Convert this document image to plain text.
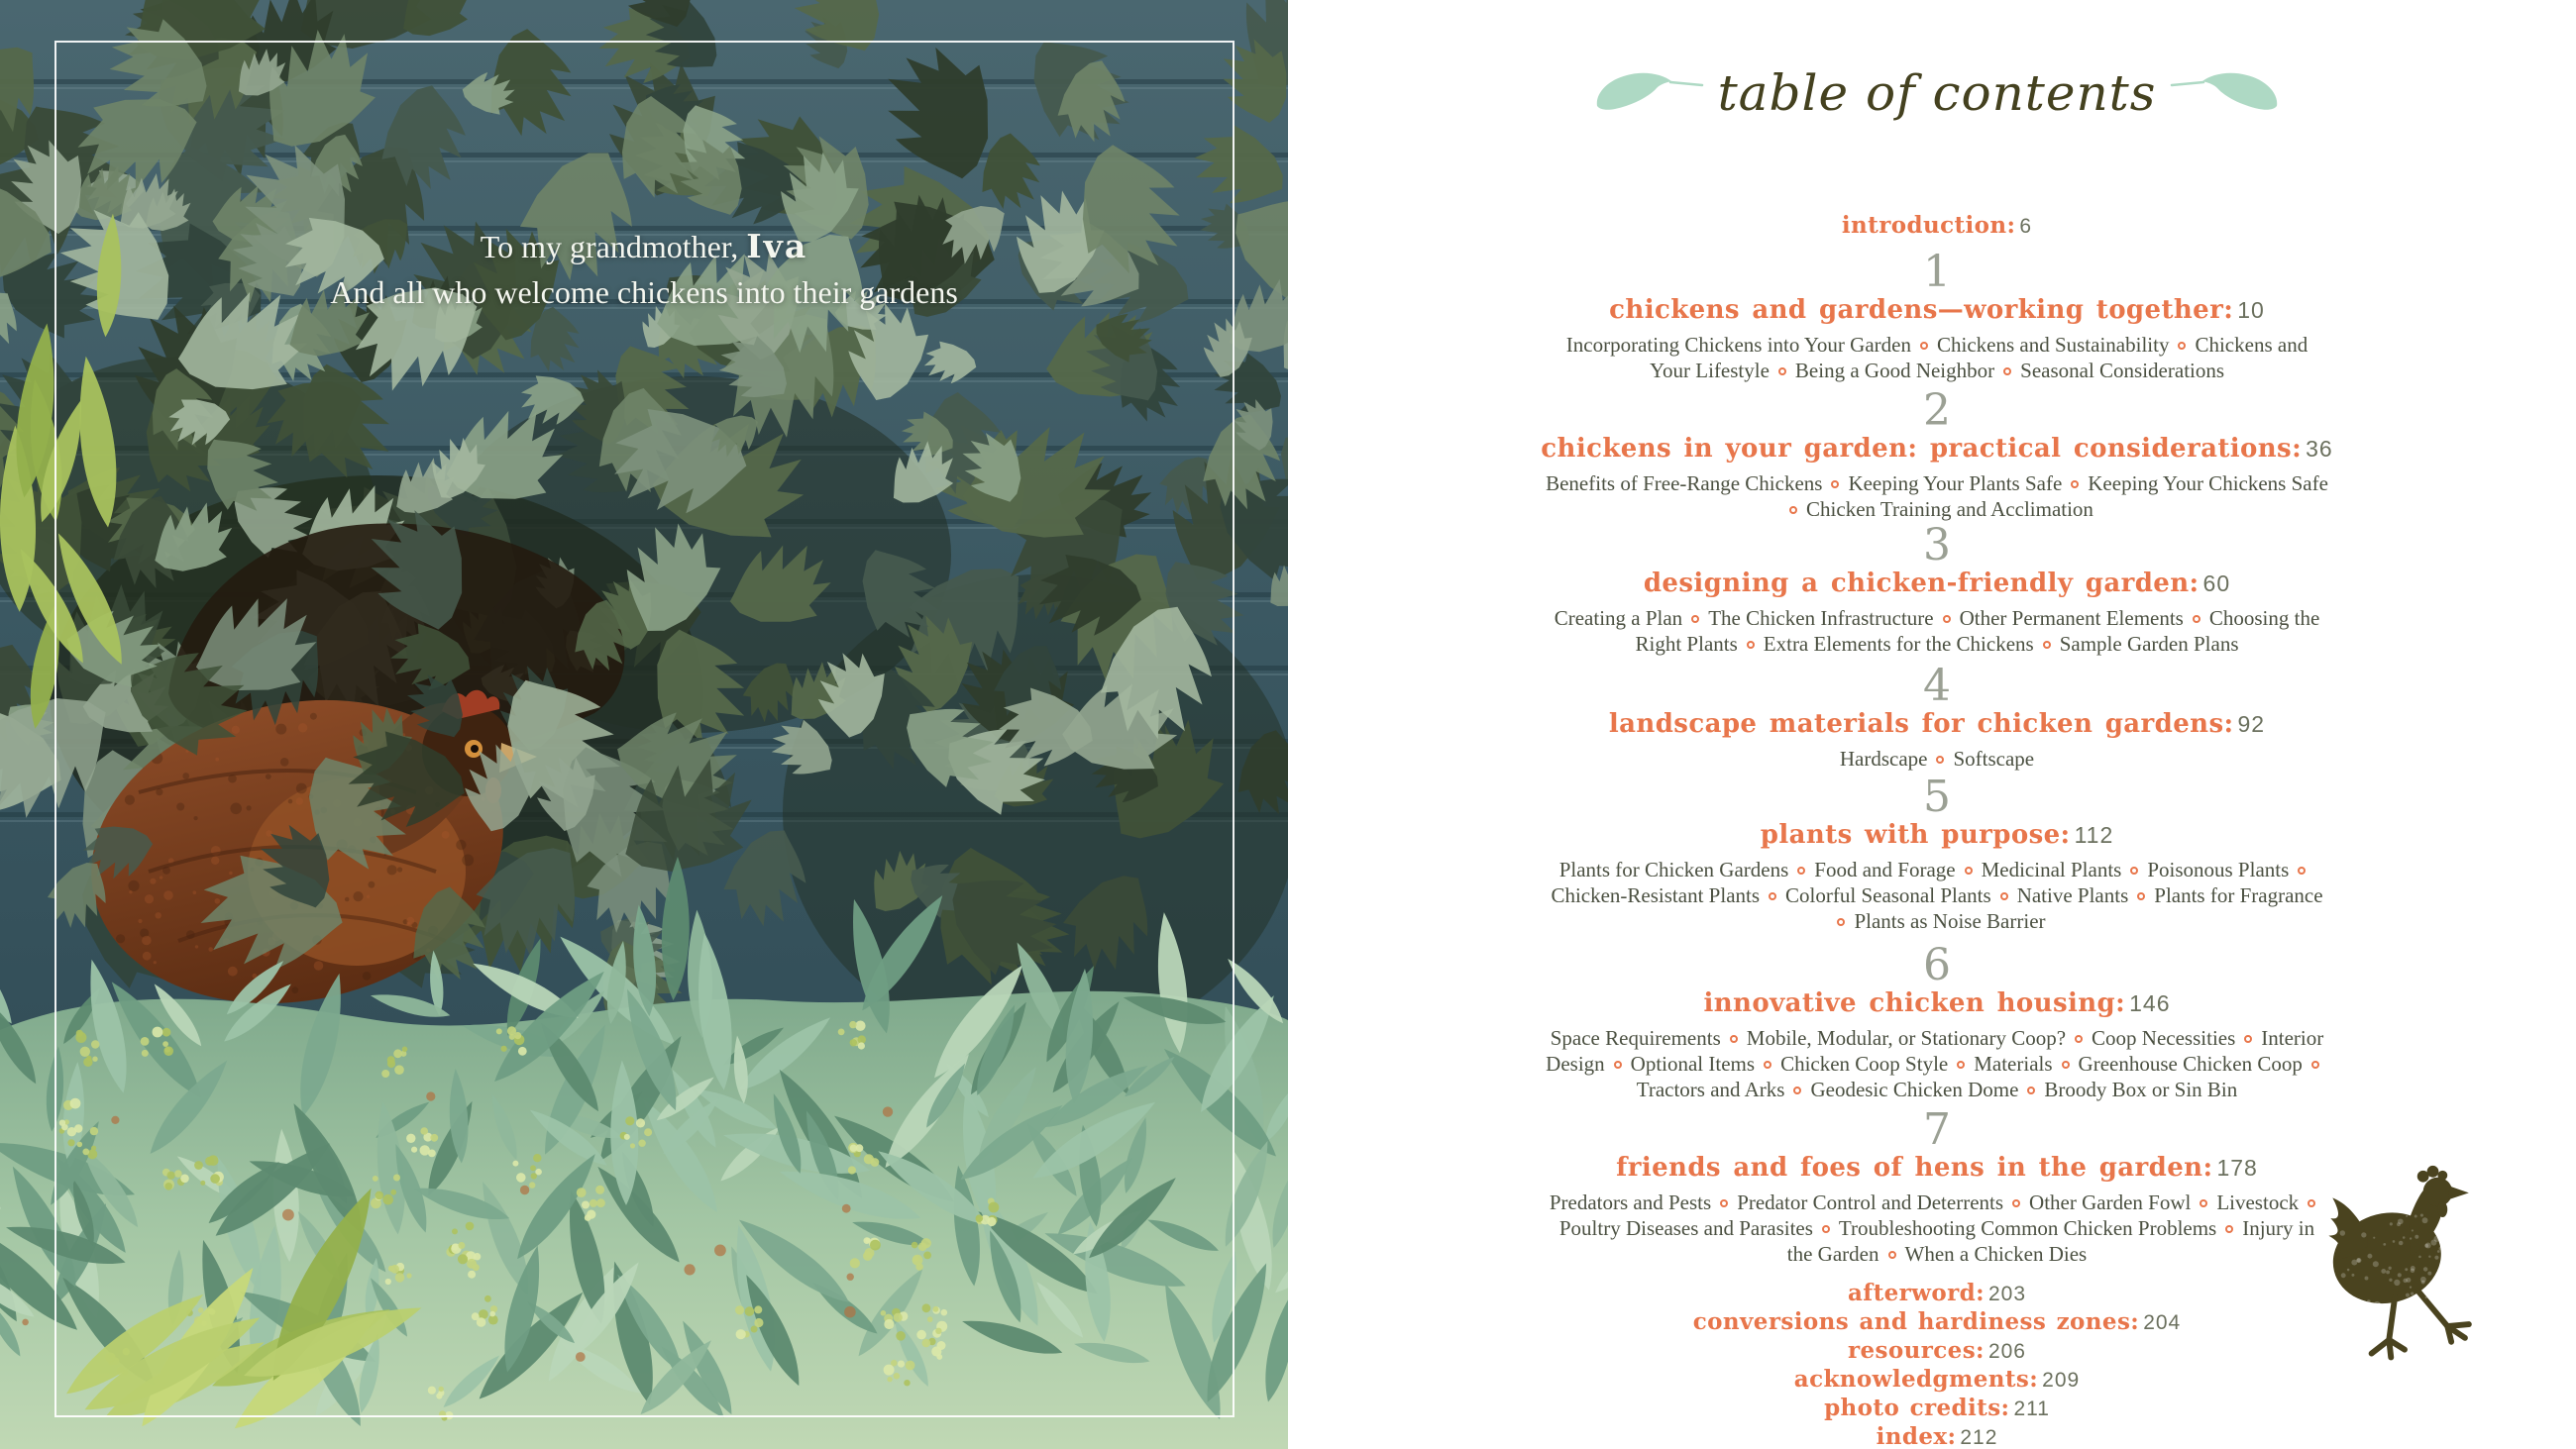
To my grandmother, Iva
And all who welcome chickens into their gardens
table of contents
introduction: 6
1
chickens and gardens—working together: 10
Incorporating Chickens into Your Garden Chickens and Sustainability Chickens and Your Lifestyle Being a Good Neighbor Seasonal Considerations
2
chickens in your garden: practical considerations: 36
Benefits of Free-Range Chickens Keeping Your Plants Safe Keeping Your Chickens SafeChicken Training and Acclimation
3
designing a chicken-friendly garden: 60
Creating a Plan The Chicken Infrastructure Other Permanent Elements Choosing the Right Plants Extra Elements for the Chickens Sample Garden Plans
4
landscape materials for chicken gardens: 92
Hardscape Softscape
5
plants with purpose: 112
Plants for Chicken Gardens Food and Forage Medicinal Plants Poisonous PlantsChicken-Resistant Plants Colorful Seasonal Plants Native Plants Plants for FragrancePlants as Noise Barrier
6
innovative chicken housing: 146
Space Requirements Mobile, Modular, or Stationary Coop? Coop Necessities Interior Design Optional Items Chicken Coop Style Materials Greenhouse Chicken CoopTractors and Arks Geodesic Chicken Dome Broody Box or Sin Bin
7
friends and foes of hens in the garden: 178
Predators and Pests Predator Control and Deterrents Other Garden Fowl LivestockPoultry Diseases and Parasites Troubleshooting Common Chicken Problems Injury in the Garden When a Chicken Dies
afterword: 203
conversions and hardiness zones: 204
resources: 206
acknowledgments: 209
photo credits: 211
index: 212
